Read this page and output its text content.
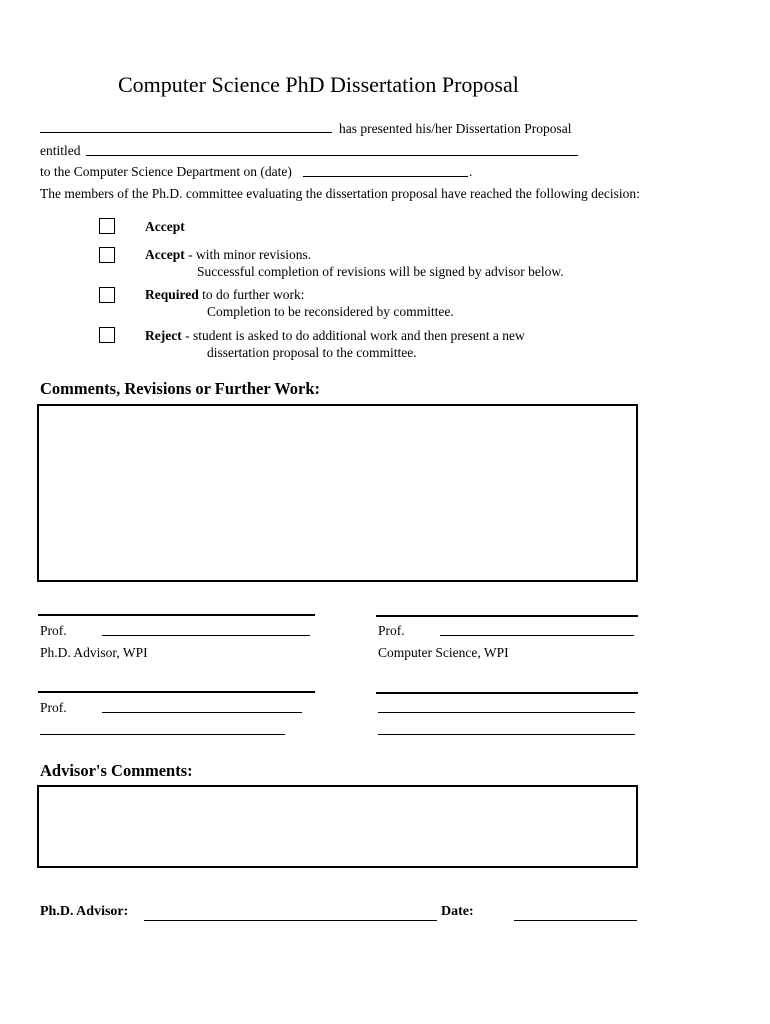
Computer Science PhD Dissertation Proposal
has presented his/her Dissertation Proposal
entitled
to the Computer Science Department on (date)	.
The members of the Ph.D. committee evaluating the dissertation proposal have reached the following decision:
Accept
Accept - with minor revisions.
Successful completion of revisions will be signed by advisor below.
Required to do further work:
Completion to be reconsidered by committee.
Reject - student is asked to do additional work and then present a new
dissertation proposal to the committee.
Comments, Revisions or Further Work:
Prof.	Prof.
Ph.D. Advisor, WPI	Computer Science, WPI
Prof.
Advisor's Comments:
Ph.D. Advisor:	Date:
